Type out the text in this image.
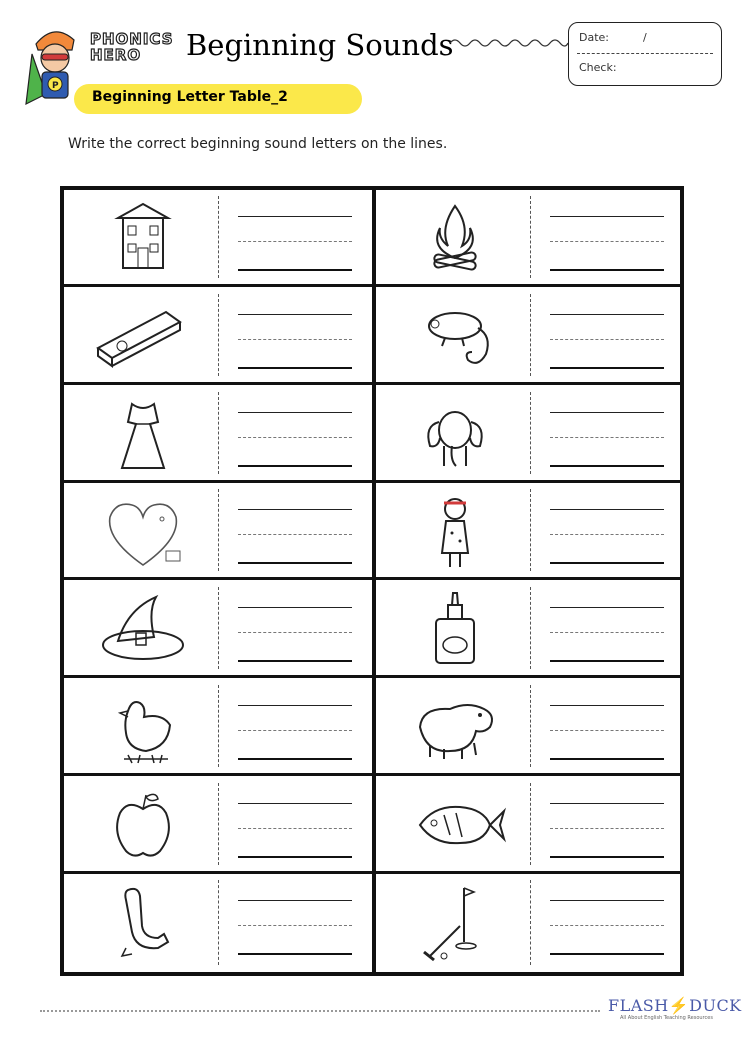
P
PHONICS
HERO Beginning Sounds	Date:	/
Check:
Beginning Letter Table_2
Write the correct beginning sound letters on the lines.
FLASH⚡DUCK
All About English Teaching Resources
